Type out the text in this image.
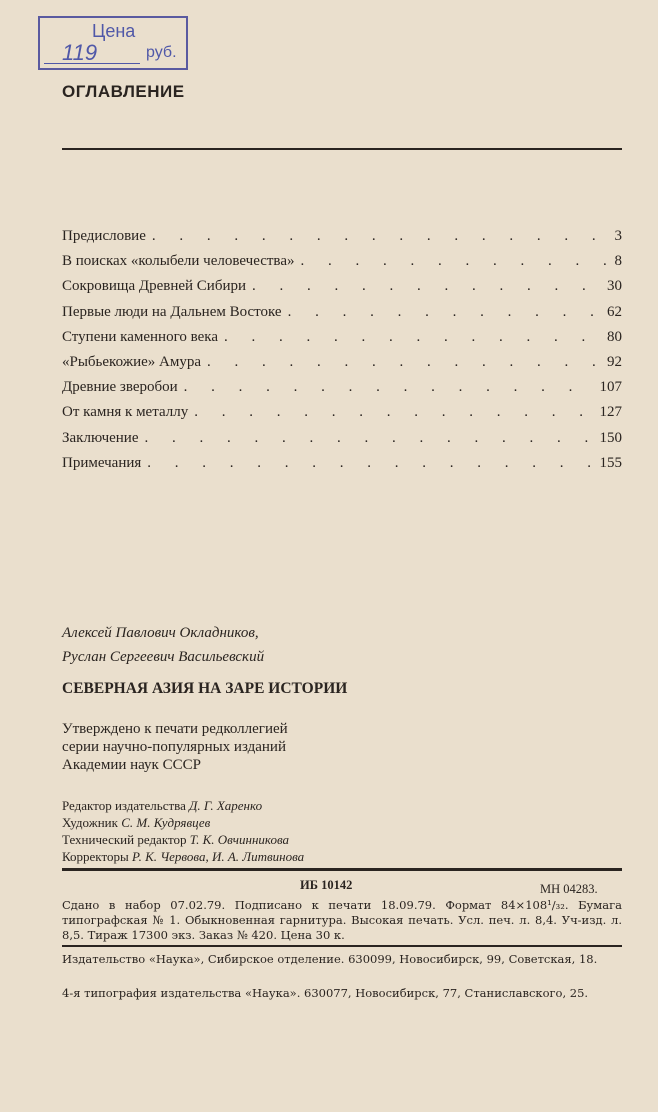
Цена
119	руб.
ОГЛАВЛЕНИЕ
Предисловие . . .	3
В поисках «колыбели человечества» . . .	8
Сокровища Древней Сибири . . .	30
Первые люди на Дальнем Востоке . . .	62
Ступени каменного века . . .	80
«Рыбьекожие» Амура . . .	92
Древние зверобои . . .	107
От камня к металлу . . .	127
Заключение . . .	150
Примечания . . .	155
Алексей Павлович Окладников,
Руслан Сергеевич Васильевский
СЕВЕРНАЯ АЗИЯ НА ЗАРЕ ИСТОРИИ
Утверждено к печати редколлегией
серии научно-популярных изданий
Академии наук СССР
Редактор издательства Д. Г. Харенко
Художник С. М. Кудрявцев
Технический редактор Т. К. Овчинникова
Корректоры Р. К. Червова, И. А. Литвинова
ИБ 10142	МН 04283.
Сдано в набор 07.02.79. Подписано к печати 18.09.79. Формат 84×108¹/₃₂. Бумага типографская № 1. Обыкновенная гарнитура. Высокая печать. Усл. печ. л. 8,4. Уч-изд. л. 8,5. Тираж 17300 экз. Заказ № 420. Цена 30 к.
Издательство «Наука», Сибирское отделение. 630099, Новосибирск, 99, Советская, 18.
4-я типография издательства «Наука». 630077, Новосибирск, 77, Станиславского, 25.
